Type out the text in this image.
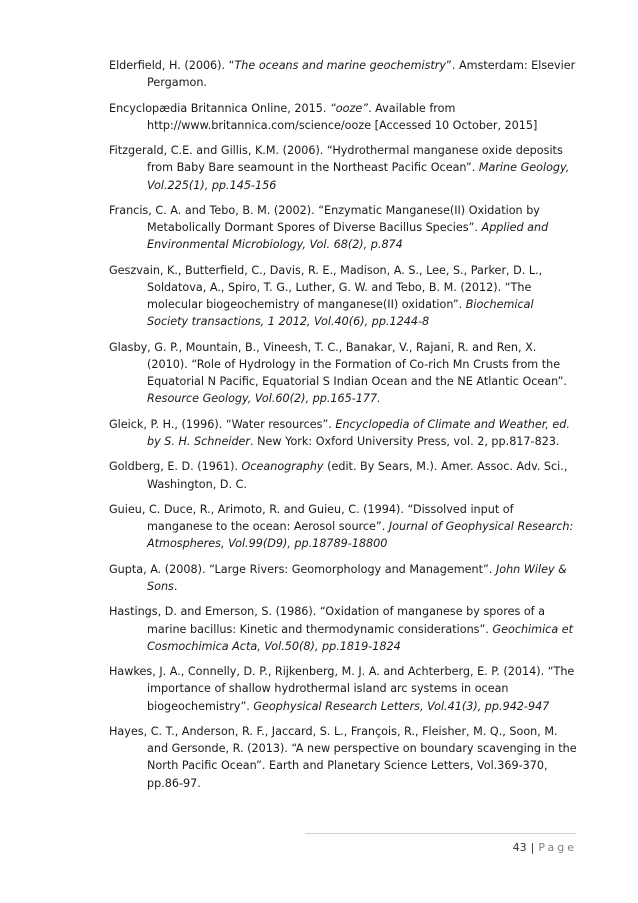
Elderfield, H. (2006). “The oceans and marine geochemistry”. Amsterdam: Elsevier Pergamon.

Encyclopædia Britannica Online, 2015. “ooze”. Available from http://www.britannica.com/science/ooze [Accessed 10 October, 2015]

Fitzgerald, C.E. and Gillis, K.M. (2006). “Hydrothermal manganese oxide deposits from Baby Bare seamount in the Northeast Pacific Ocean”. Marine Geology, Vol.225(1), pp.145-156

Francis, C. A. and Tebo, B. M. (2002). “Enzymatic Manganese(II) Oxidation by Metabolically Dormant Spores of Diverse Bacillus Species”. Applied and Environmental Microbiology, Vol. 68(2), p.874

Geszvain, K., Butterfield, C., Davis, R. E., Madison, A. S., Lee, S., Parker, D. L., Soldatova, A., Spiro, T. G., Luther, G. W. and Tebo, B. M. (2012). “The molecular biogeochemistry of manganese(II) oxidation”. Biochemical Society transactions, 1 2012, Vol.40(6), pp.1244-8

Glasby, G. P., Mountain, B., Vineesh, T. C., Banakar, V., Rajani, R. and Ren, X. (2010). “Role of Hydrology in the Formation of Co-rich Mn Crusts from the Equatorial N Pacific, Equatorial S Indian Ocean and the NE Atlantic Ocean”. Resource Geology, Vol.60(2), pp.165-177.

Gleick, P. H., (1996). “Water resources”. Encyclopedia of Climate and Weather, ed. by S. H. Schneider. New York: Oxford University Press, vol. 2, pp.817-823.

Goldberg, E. D. (1961). Oceanography (edit. By Sears, M.). Amer. Assoc. Adv. Sci., Washington, D. C.

Guieu, C. Duce, R., Arimoto, R. and Guieu, C. (1994). “Dissolved input of manganese to the ocean: Aerosol source”. Journal of Geophysical Research: Atmospheres, Vol.99(D9), pp.18789-18800

Gupta, A. (2008). “Large Rivers: Geomorphology and Management”. John Wiley & Sons.

Hastings, D. and Emerson, S. (1986). “Oxidation of manganese by spores of a marine bacillus: Kinetic and thermodynamic considerations”. Geochimica et Cosmochimica Acta, Vol.50(8), pp.1819-1824

Hawkes, J. A., Connelly, D. P., Rijkenberg, M. J. A. and Achterberg, E. P. (2014). “The importance of shallow hydrothermal island arc systems in ocean biogeochemistry”. Geophysical Research Letters, Vol.41(3), pp.942-947

Hayes, C. T., Anderson, R. F., Jaccard, S. L., François, R., Fleisher, M. Q., Soon, M. and Gersonde, R. (2013). “A new perspective on boundary scavenging in the North Pacific Ocean”. Earth and Planetary Science Letters, Vol.369-370, pp.86-97.

43 | Page
